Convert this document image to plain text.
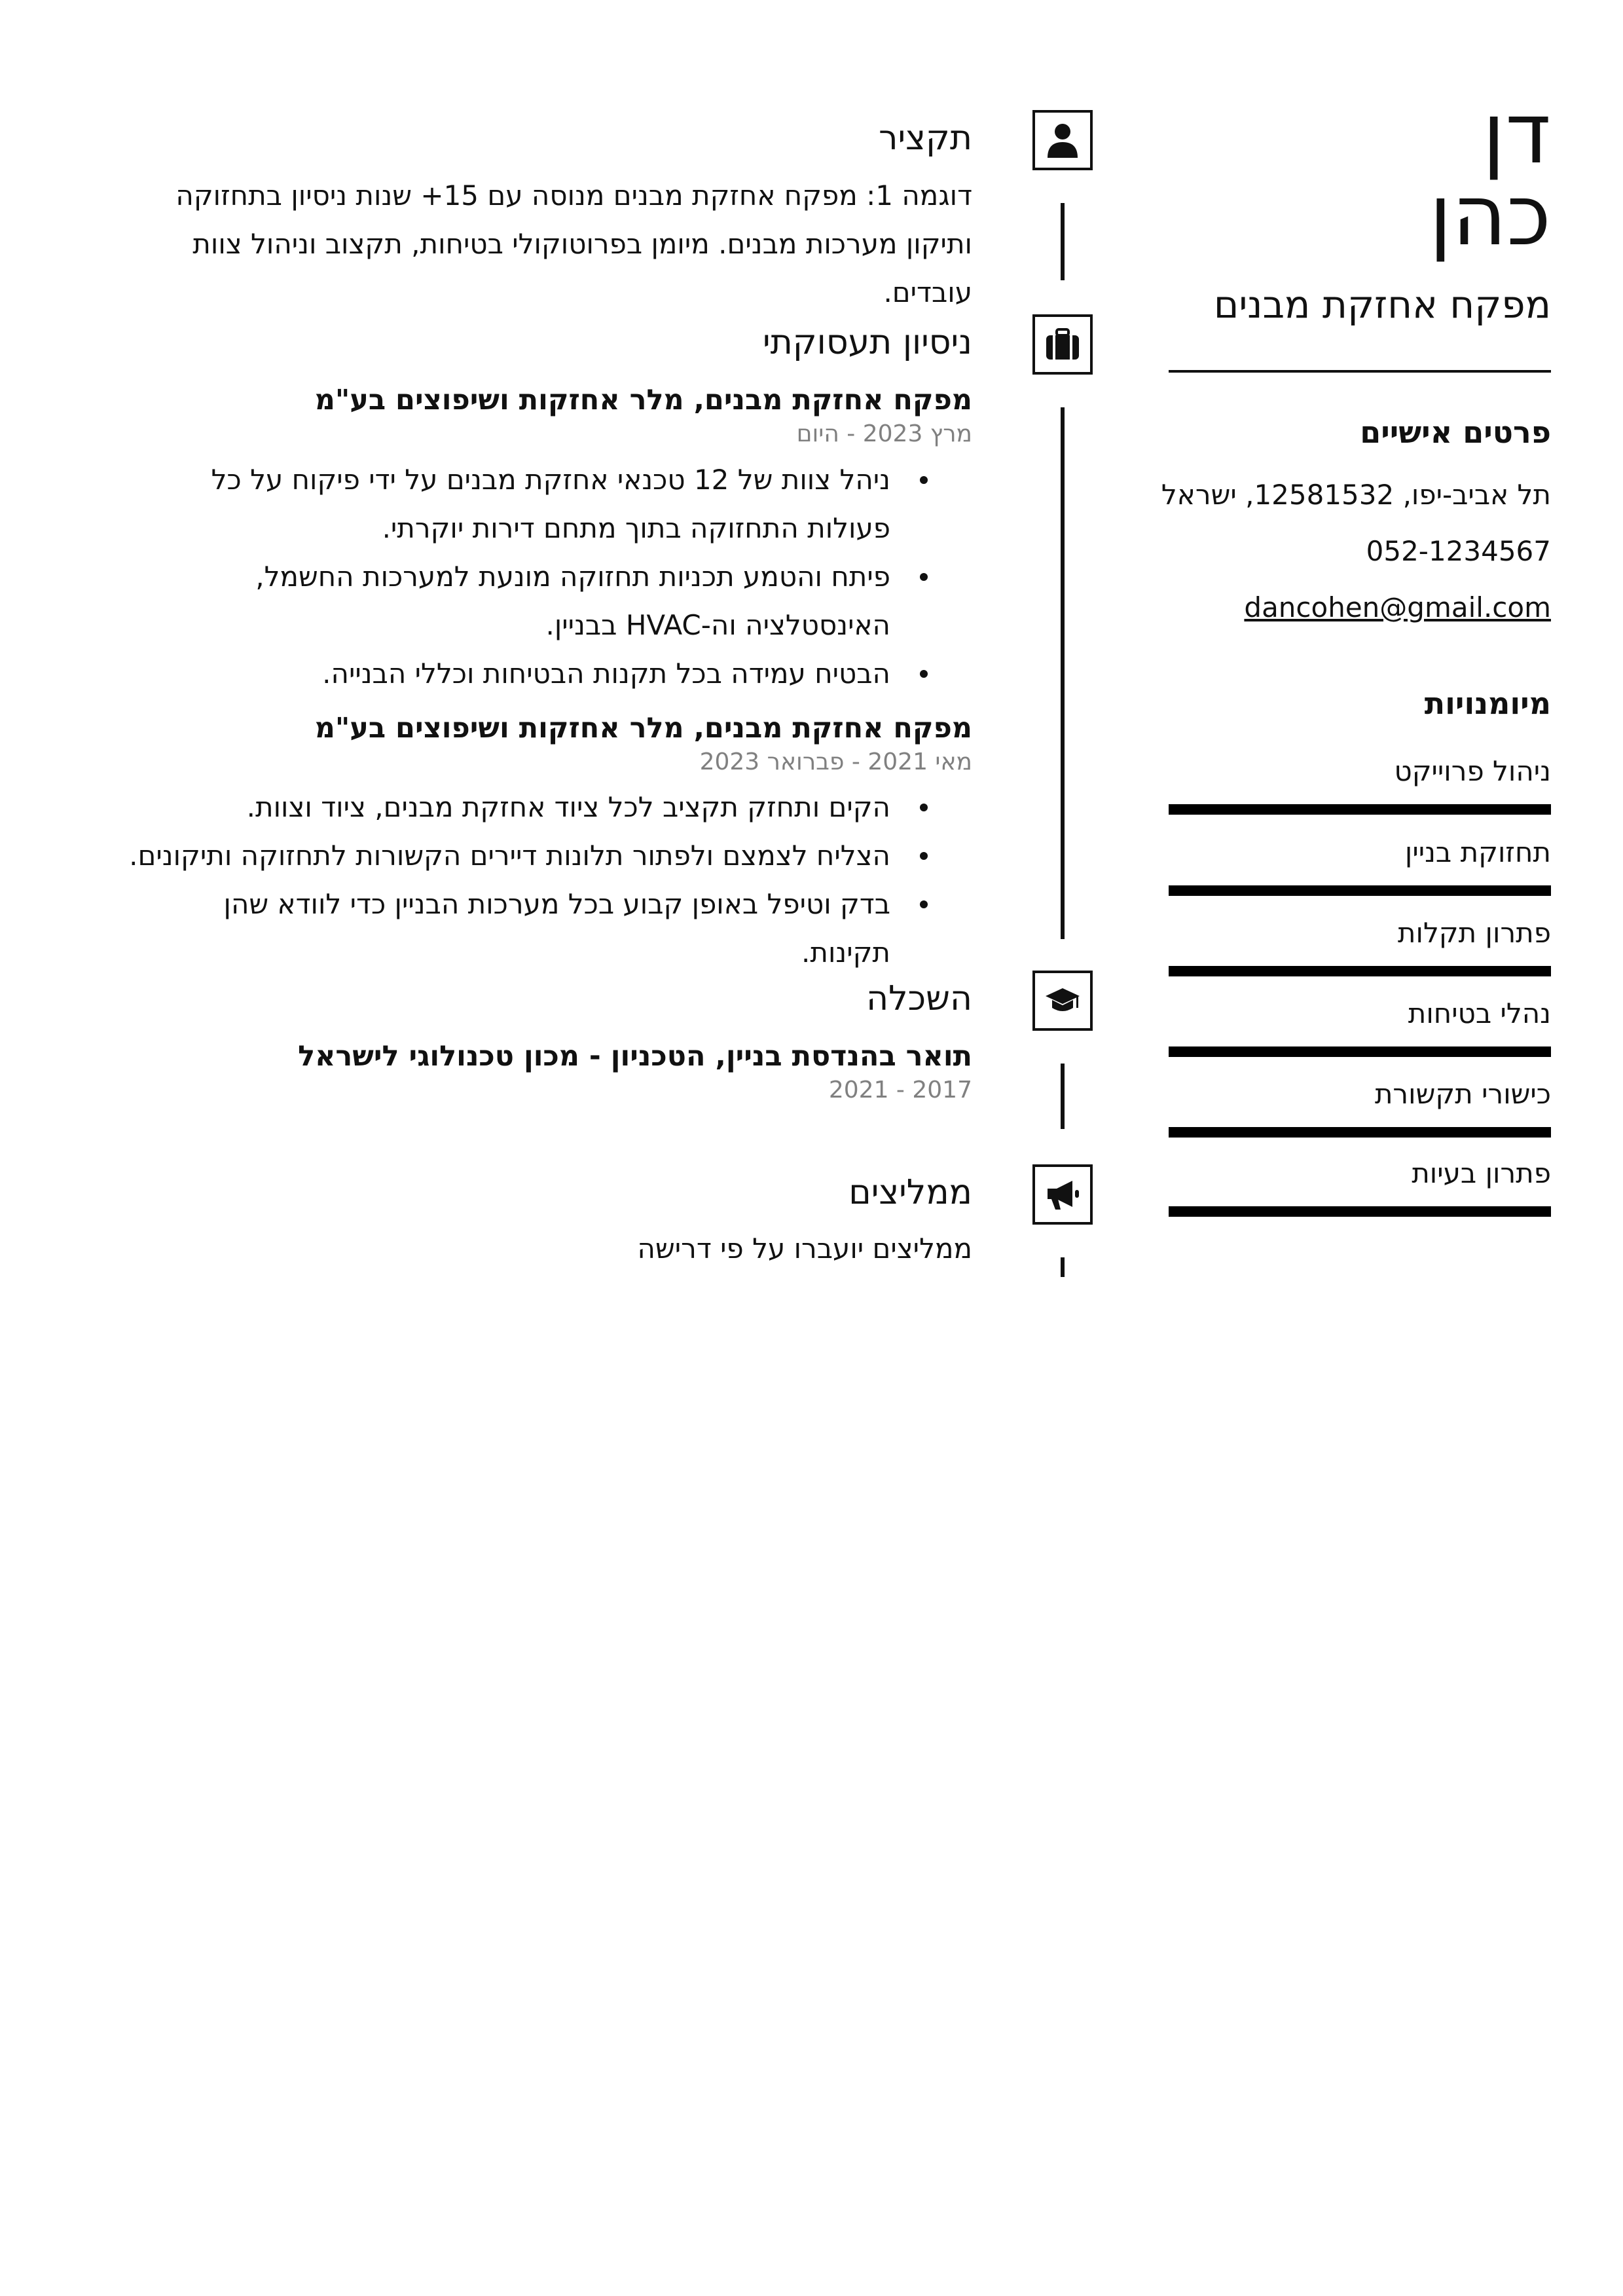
דן
כהן
מפקח אחזקת מבנים
פרטים אישיים
תל אביב-יפו, 12581532, ישראל
052-1234567
dancohen@gmail.com
מיומנויות
ניהול פרוייקט
תחזוקת בניין
פתרון תקלות
נהלי בטיחות
כישורי תקשורת
פתרון בעיות
תקציר
דוגמה 1: מפקח אחזקת מבנים מנוסה עם 15+ שנות ניסיון בתחזוקה ותיקון מערכות מבנים. מיומן בפרוטוקולי בטיחות, תקצוב וניהול צוות עובדים.
ניסיון תעסוקתי
מפקח אחזקת מבנים, מלר אחזקות ושיפוצים בע"מ
מרץ 2023 - היום
ניהל צוות של 12 טכנאי אחזקת מבנים על ידי פיקוח על כל פעולות התחזוקה בתוך מתחם דירות יוקרתי.
פיתח והטמע תכניות תחזוקה מונעת למערכות החשמל, האינסטלציה וה-HVAC בבניין.
הבטיח עמידה בכל תקנות הבטיחות וכללי הבנייה.
מפקח אחזקת מבנים, מלר אחזקות ושיפוצים בע"מ
מאי 2021 - פברואר 2023
הקים ותחזק תקציב לכל ציוד אחזקת מבנים, ציוד וצוות.
הצליח לצמצם ולפתור תלונות דיירים הקשורות לתחזוקה ותיקונים.
בדק וטיפל באופן קבוע בכל מערכות הבניין כדי לוודא שהן תקינות.
השכלה
תואר בהנדסת בניין, הטכניון - מכון טכנולוגי לישראל
2017 - 2021
ממליצים
ממליצים יועברו על פי דרישה
